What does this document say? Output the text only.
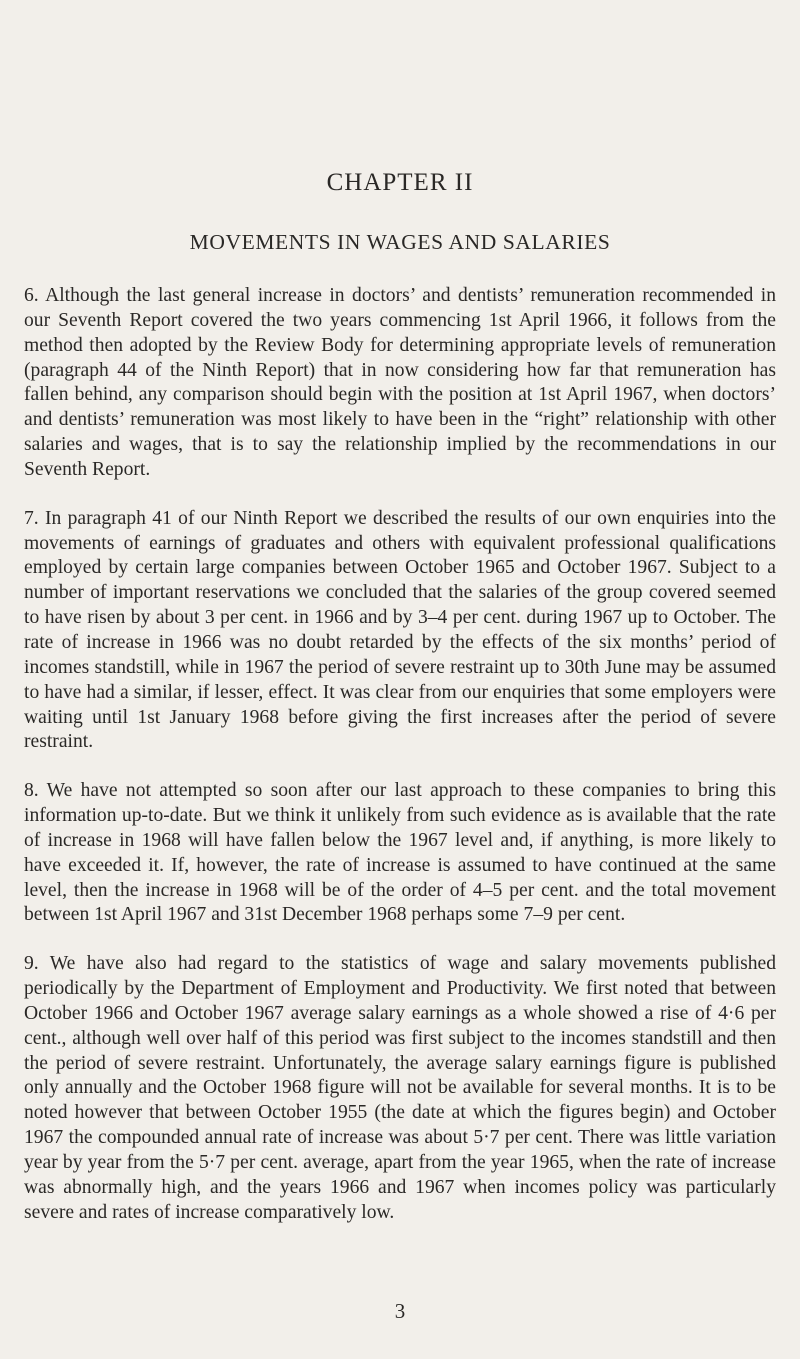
CHAPTER II
MOVEMENTS IN WAGES AND SALARIES

6. Although the last general increase in doctors’ and dentists’ remuneration recommended in our Seventh Report covered the two years commencing 1st April 1966, it follows from the method then adopted by the Review Body for determining appropriate levels of remuneration (paragraph 44 of the Ninth Report) that in now considering how far that remuneration has fallen behind, any comparison should begin with the position at 1st April 1967, when doctors’ and dentists’ remuneration was most likely to have been in the “right” relationship with other salaries and wages, that is to say the relationship implied by the recommendations in our Seventh Report.

7. In paragraph 41 of our Ninth Report we described the results of our own enquiries into the movements of earnings of graduates and others with equivalent professional qualifications employed by certain large companies between October 1965 and October 1967. Subject to a number of important reservations we concluded that the salaries of the group covered seemed to have risen by about 3 per cent. in 1966 and by 3–4 per cent. during 1967 up to October. The rate of increase in 1966 was no doubt retarded by the effects of the six months’ period of incomes standstill, while in 1967 the period of severe restraint up to 30th June may be assumed to have had a similar, if lesser, effect. It was clear from our enquiries that some employers were waiting until 1st January 1968 before giving the first increases after the period of severe restraint.

8. We have not attempted so soon after our last approach to these companies to bring this information up-to-date. But we think it unlikely from such evidence as is available that the rate of increase in 1968 will have fallen below the 1967 level and, if anything, is more likely to have exceeded it. If, however, the rate of increase is assumed to have continued at the same level, then the increase in 1968 will be of the order of 4–5 per cent. and the total movement between 1st April 1967 and 31st December 1968 perhaps some 7–9 per cent.

9. We have also had regard to the statistics of wage and salary movements published periodically by the Department of Employment and Productivity. We first noted that between October 1966 and October 1967 average salary earnings as a whole showed a rise of 4·6 per cent., although well over half of this period was first subject to the incomes standstill and then the period of severe restraint. Unfortunately, the average salary earnings figure is published only annually and the October 1968 figure will not be available for several months. It is to be noted however that between October 1955 (the date at which the figures begin) and October 1967 the compounded annual rate of increase was about 5·7 per cent. There was little variation year by year from the 5·7 per cent. average, apart from the year 1965, when the rate of increase was abnormally high, and the years 1966 and 1967 when incomes policy was particularly severe and rates of increase comparatively low.

3
